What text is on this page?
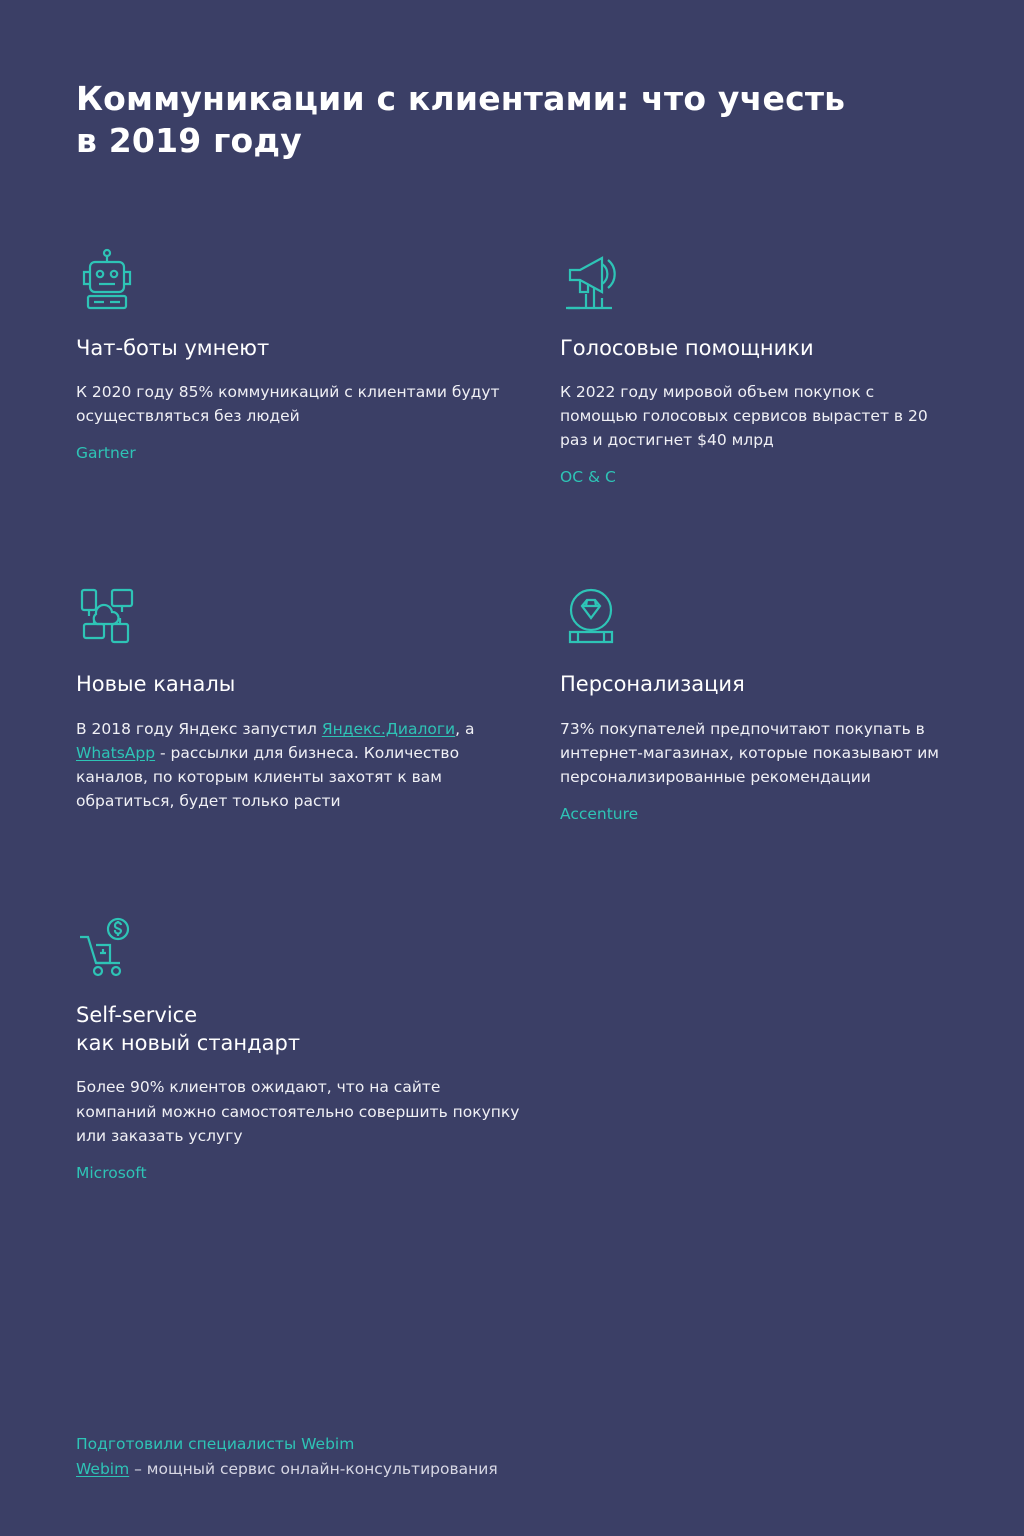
Коммуникации с клиентами: что учесть в 2019 году
Чат-боты умнеют
К 2020 году 85% коммуникаций с клиентами будут осуществляться без людей
Gartner
Голосовые помощники
К 2022 году мировой объем покупок с помощью голосовых сервисов вырастет в 20 раз и достигнет $40 млрд
OC & C
Новые каналы
В 2018 году Яндекс запустил Яндекс.Диалоги, а WhatsApp - рассылки для бизнеса. Количество каналов, по которым клиенты захотят к вам обратиться, будет только расти
Персонализация
73% покупателей предпочитают покупать в интернет-магазинах, которые показывают им персонализированные рекомендации
Accenture
Self-service
как новый стандарт
Более 90% клиентов ожидают, что на сайте компаний можно самостоятельно совершить покупку или заказать услугу
Microsoft
Подготовили специалисты Webim
Webim – мощный сервис онлайн-консультирования
